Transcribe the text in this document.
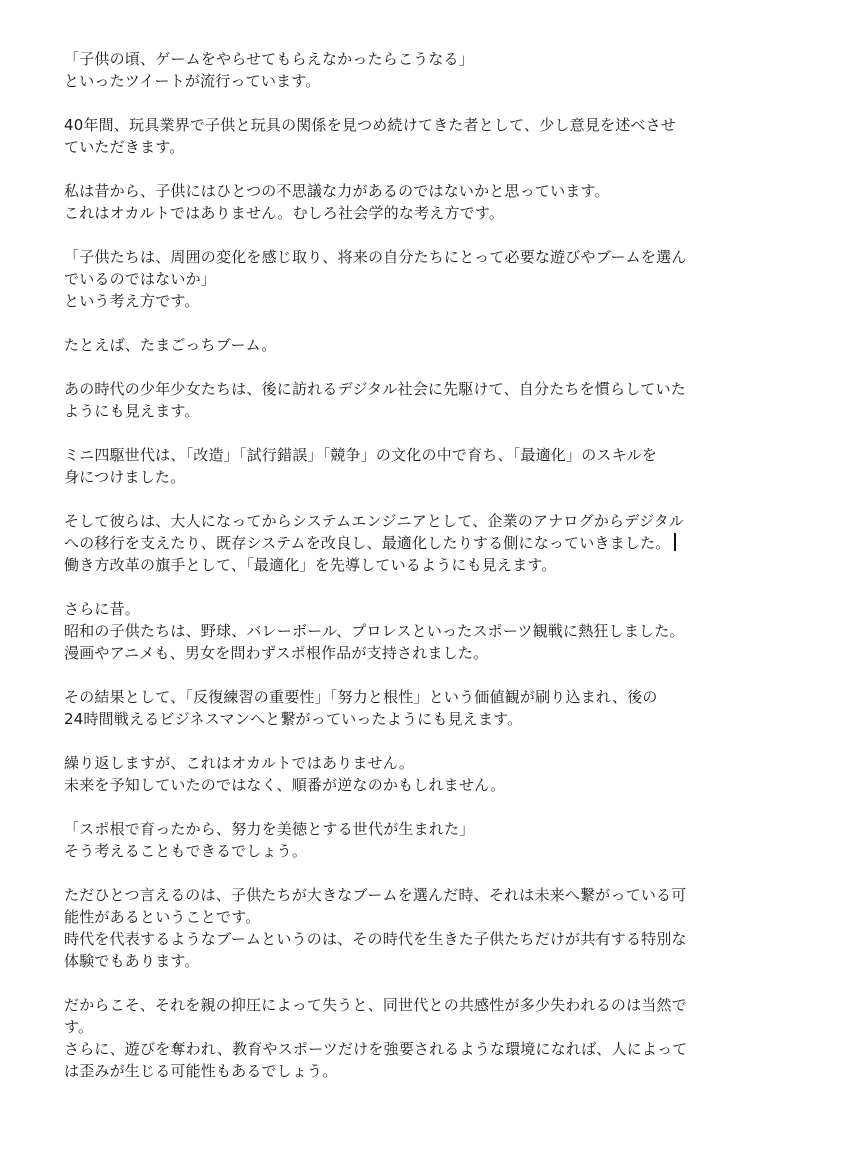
「子供の頃、ゲームをやらせてもらえなかったらこうなる」
といったツイートが流行っています。

40年間、玩具業界で子供と玩具の関係を見つめ続けてきた者として、少し意見を述べさせ
ていただきます。

私は昔から、子供にはひとつの不思議な力があるのではないかと思っています。
これはオカルトではありません。むしろ社会学的な考え方です。

「子供たちは、周囲の変化を感じ取り、将来の自分たちにとって必要な遊びやブームを選ん
でいるのではないか」
という考え方です。

たとえば、たまごっちブーム。

あの時代の少年少女たちは、後に訪れるデジタル社会に先駆けて、自分たちを慣らしていた
ようにも見えます。

ミニ四駆世代は、「改造」「試行錯誤」「競争」の文化の中で育ち、「最適化」のスキルを
身につけました。

そして彼らは、大人になってからシステムエンジニアとして、企業のアナログからデジタル
への移行を支えたり、既存システムを改良し、最適化したりする側になっていきました。
働き方改革の旗手として、「最適化」を先導しているようにも見えます。

さらに昔。
昭和の子供たちは、野球、バレーボール、プロレスといったスポーツ観戦に熱狂しました。
漫画やアニメも、男女を問わずスポ根作品が支持されました。

その結果として、「反復練習の重要性」「努力と根性」という価値観が刷り込まれ、後の
24時間戦えるビジネスマンへと繋がっていったようにも見えます。

繰り返しますが、これはオカルトではありません。
未来を予知していたのではなく、順番が逆なのかもしれません。

「スポ根で育ったから、努力を美徳とする世代が生まれた」
そう考えることもできるでしょう。

ただひとつ言えるのは、子供たちが大きなブームを選んだ時、それは未来へ繋がっている可
能性があるということです。
時代を代表するようなブームというのは、その時代を生きた子供たちだけが共有する特別な
体験でもあります。

だからこそ、それを親の抑圧によって失うと、同世代との共感性が多少失われるのは当然で
す。
さらに、遊びを奪われ、教育やスポーツだけを強要されるような環境になれば、人によって
は歪みが生じる可能性もあるでしょう。
